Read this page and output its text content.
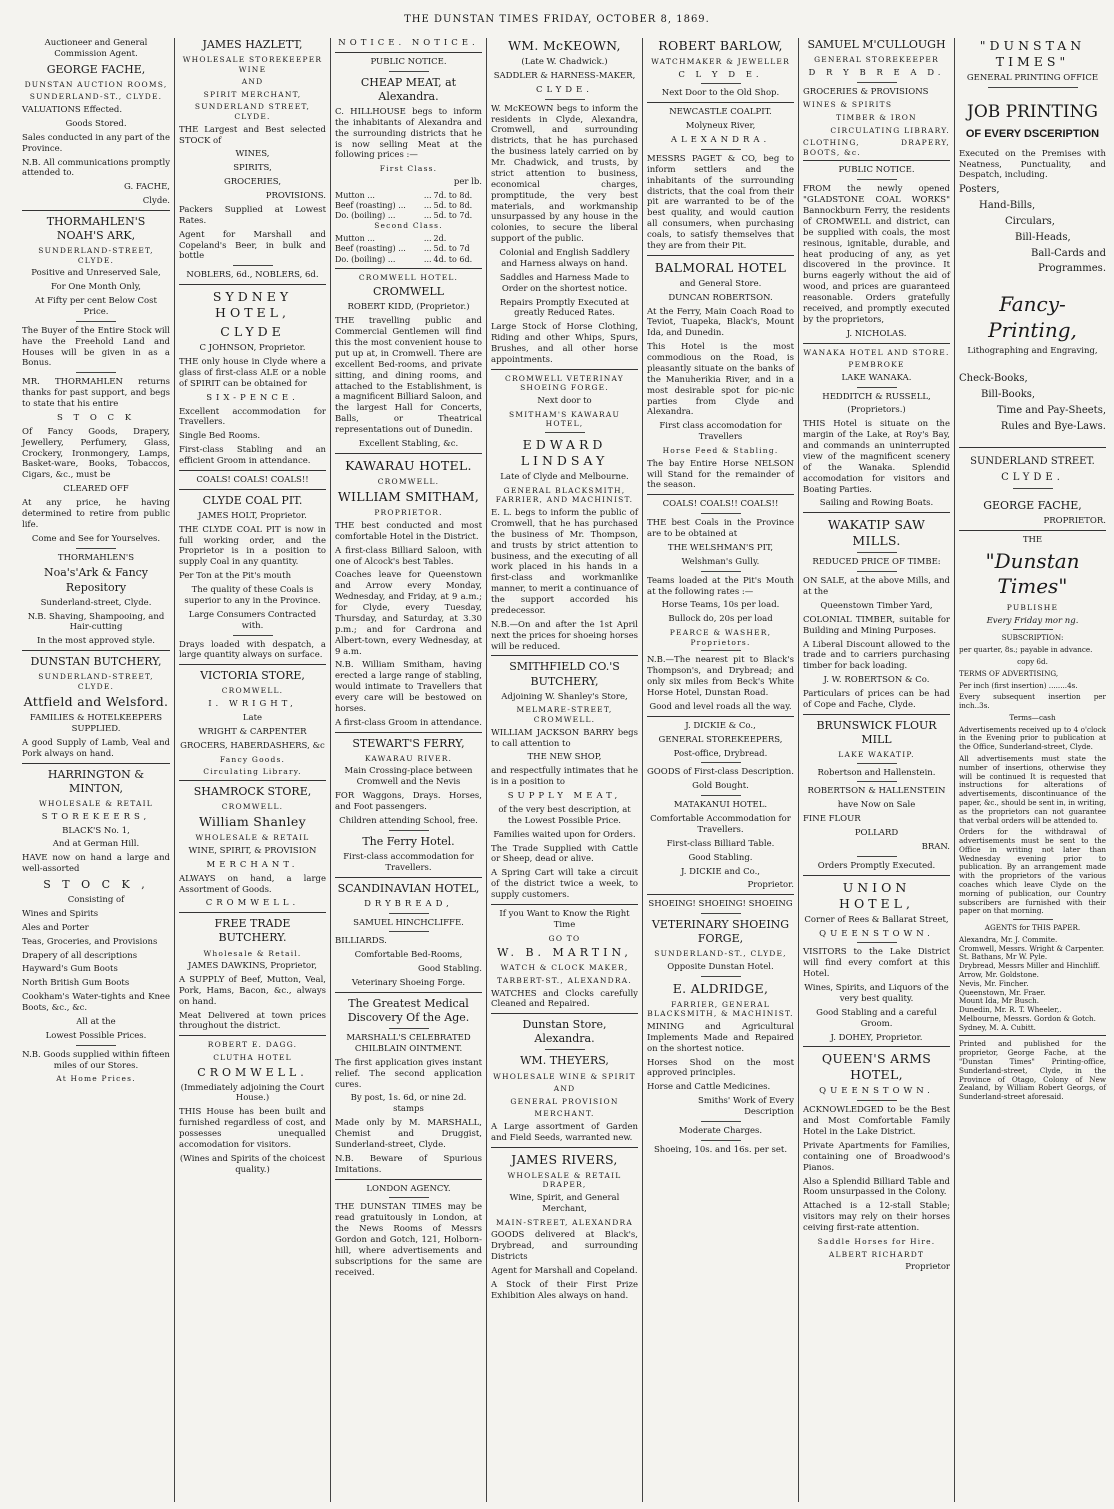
THE DUNSTAN TIMES FRIDAY, OCTOBER 8, 1869.

Auctioneer and General Commission Agent.

GEORGE FACHE,

DUNSTAN AUCTION ROOMS,

SUNDERLAND-ST., CLYDE.

VALUATIONS Effected.

Goods Stored.

Sales conducted in any part of the Province.

N.B. All communications promptly attended to.

G. FACHE,

Clyde.

THORMAHLEN'S NOAH'S ARK,

SUNDERLAND-STREET, CLYDE.

Positive and Unreserved Sale,

For One Month Only,

At Fifty per cent Below Cost Price.

The Buyer of the Entire Stock will have the Freehold Land and Houses will be given in as a Bonus.

MR. THORMAHLEN returns thanks for past support, and begs to state that his entire

S T O C K

Of Fancy Goods, Drapery, Jewellery, Perfumery, Glass, Crockery, Ironmongery, Lamps, Basket-ware, Books, Tobaccos, Cigars, &c., must be

CLEARED OFF

At any price, he having determined to retire from public life.

Come and See for Yourselves.

THORMAHLEN'S

Noa's'Ark & Fancy Repository

Sunderland-street, Clyde.

N.B. Shaving, Shampooing, and Hair-cutting

In the most approved style.

DUNSTAN BUTCHERY,

SUNDERLAND-STREET, CLYDE.

Attfield and Welsford.

FAMILIES & HOTELKEEPERS SUPPLIED.

A good Supply of Lamb, Veal and Pork always on hand.

HARRINGTON & MINTON,

WHOLESALE & RETAIL

STOREKEERS,

BLACK'S No. 1,

And at German Hill.

HAVE now on hand a large and well-assorted

S T O C K ,

Consisting of

Wines and Spirits

Ales and Porter

Teas, Groceries, and Provisions

Drapery of all descriptions

Hayward's Gum Boots

North British Gum Boots

Cookham's Water-tights and Knee Boots, &c., &c.

All at the

Lowest Possible Prices.

N.B. Goods supplied within fifteen miles of our Stores.

At Home Prices.

JAMES HAZLETT,

WHOLESALE STOREKEEPER WINE

AND

SPIRIT MERCHANT,

SUNDERLAND STREET, CLYDE.

THE Largest and Best selected STOCK of

WINES,

SPIRITS,

GROCERIES,

PROVISIONS.

Packers Supplied at Lowest Rates.

Agent for Marshall and Copeland's Beer, in bulk and bottle

NOBLERS, 6d., NOBLERS, 6d.

SYDNEY HOTEL,

CLYDE

C JOHNSON, Proprietor.

THE only house in Clyde where a glass of first-class ALE or a noble of SPIRIT can be obtained for

SIX-PENCE.

Excellent accommodation for Travellers.

Single Bed Rooms.

First-class Stabling and an efficient Groom in attendance.

COALS! COALS! COALS!!

CLYDE COAL PIT.

JAMES HOLT, Proprietor.

THE CLYDE COAL PIT is now in full working order, and the Proprietor is in a position to supply Coal in any quantity.

Per Ton at the Pit's mouth

The quality of these Coals is superior to any in the Province.

Large Consumers Contracted with.

Drays loaded with despatch, a large quantity always on surface.

VICTORIA STORE,

CROMWELL.

I. WRIGHT,

Late

WRIGHT & CARPENTER

GROCERS, HABERDASHERS, &c

Fancy Goods.

Circulating Library.

SHAMROCK STORE,

CROMWELL.

William Shanley

WHOLESALE & RETAIL

WINE, SPIRIT, & PROVISION

MERCHANT.

ALWAYS on hand, a large Assortment of Goods.

CROMWELL.

FREE TRADE BUTCHERY.

Wholesale & Retail.

JAMES DAWKINS, Proprietor,

A SUPPLY of Beef, Mutton, Veal, Pork, Hams, Bacon, &c., always on hand.

Meat Delivered at town prices throughout the district.

ROBERT E. DAGG.

CLUTHA HOTEL

CROMWELL.

(Immediately adjoining the Court House.)

THIS House has been built and furnished regardless of cost, and possesses unequalled accomodation for visitors.

(Wines and Spirits of the choicest quality.)

NOTICE. NOTICE.

PUBLIC NOTICE.

CHEAP MEAT, at Alexandra.

C. HILLHOUSE begs to inform the inhabitants of Alexandra and the surrounding districts that he is now selling Meat at the following prices :—

First Class.

per lb.

Mutton ...	...	7d. to 8d.
Beef (roasting) ...	...	5d. to 8d.
Do. (boiling) ...	...	5d. to 7d.

Second Class.

Mutton ...	...	2d.
Beef (roasting) ...	...	5d. to 7d
Do. (boiling) ...	...	4d. to 6d.

CROMWELL HOTEL.

CROMWELL

ROBERT KIDD, (Proprietor.)

THE travelling public and Commercial Gentlemen will find this the most convenient house to put up at, in Cromwell. There are excellent Bed-rooms, and private sitting, and dining rooms, and attached to the Establishment, is a magnificent Billiard Saloon, and the largest Hall for Concerts, Balls, or Theatrical representations out of Dunedin.

Excellent Stabling, &c.

KAWARAU HOTEL.

CROMWELL.

WILLIAM SMITHAM,

PROPRIETOR.

THE best conducted and most comfortable Hotel in the District.

A first-class Billiard Saloon, with one of Alcock's best Tables.

Coaches leave for Queenstown and Arrow every Monday, Wednesday, and Friday, at 9 a.m.; for Clyde, every Tuesday, Thursday, and Saturday, at 3.30 p.m.; and for Cardrona and Albert-town, every Wednesday, at 9 a.m.

N.B. William Smitham, having erected a large range of stabling, would intimate to Travellers that every care will be bestowed on horses.

A first-class Groom in attendance.

STEWART'S FERRY,

KAWARAU RIVER.

Main Crossing-place between Cromwell and the Nevis

FOR Waggons, Drays. Horses, and Foot passengers.

Children attending School, free.

The Ferry Hotel.

First-class accommodation for Travellers.

SCANDINAVIAN HOTEL,

DRYBREAD,

SAMUEL HINCHCLIFFE.

BILLIARDS.

Comfortable Bed-Rooms,

Good Stabling.

Veterinary Shoeing Forge.

The Greatest Medical Discovery Of the Age.

MARSHALL'S CELEBRATED CHILBLAIN OINTMENT.

The first application gives instant relief. The second application cures.

By post, 1s. 6d, or nine 2d. stamps

Made only by M. MARSHALL, Chemist and Druggist, Sunderland-street, Clyde.

N.B. Beware of Spurious Imitations.

LONDON AGENCY.

THE DUNSTAN TIMES may be read gratuitously in London, at the News Rooms of Messrs Gordon and Gotch, 121, Holborn-hill, where advertisements and subscriptions for the same are received.

WM. McKEOWN,

(Late W. Chadwick.)

SADDLER & HARNESS-MAKER,

CLYDE.

W. McKEOWN begs to inform the residents in Clyde, Alexandra, Cromwell, and surrounding districts, that he has purchased the business lately carried on by Mr. Chadwick, and trusts, by strict attention to business, economical charges, promptitude, the very best materials, and workmanship unsurpassed by any house in the colonies, to secure the liberal support of the public.

Colonial and English Saddlery and Harness always on hand.

Saddles and Harness Made to Order on the shortest notice.

Repairs Promptly Executed at greatly Reduced Rates.

Large Stock of Horse Clothing, Riding and other Whips, Spurs, Brushes, and all other horse appointments.

CROMWELL VETERINAY SHOEING FORGE.

Next door to

SMITHAM'S KAWARAU HOTEL,

EDWARD LINDSAY

Late of Clyde and Melbourne.

GENERAL BLACKSMITH, FARRIER, AND MACHINIST.

E. L. begs to inform the public of Cromwell, that he has purchased the business of Mr. Thompson, and trusts by strict attention to business, and the executing of all work placed in his hands in a first-class and workmanlike manner, to merit a continuance of the support accorded his predecessor.

N.B.—On and after the 1st April next the prices for shoeing horses will be reduced.

SMITHFIELD CO.'S BUTCHERY,

Adjoining W. Shanley's Store,

MELMARE-STREET, CROMWELL.

WILLIAM JACKSON BARRY begs to call attention to

THE NEW SHOP,

and respectfully intimates that he is in a position to

SUPPLY MEAT,

of the very best description, at the Lowest Possible Price.

Families waited upon for Orders.

The Trade Supplied with Cattle or Sheep, dead or alive.

A Spring Cart will take a circuit of the district twice a week, to supply customers.

If you Want to Know the Right Time

GO TO

W. B. MARTIN,

WATCH & CLOCK MAKER,

TARBERT-ST., ALEXANDRA.

WATCHES and Clocks carefully Cleaned and Repaired.

Dunstan Store, Alexandra.

WM. THEYERS,

WHOLESALE WINE & SPIRIT

AND

GENERAL PROVISION

MERCHANT.

A Large assortment of Garden and Field Seeds, warranted new.

JAMES RIVERS,

WHOLESALE & RETAIL DRAPER,

Wine, Spirit, and General Merchant,

MAIN-STREET, ALEXANDRA

GOODS delivered at Black's, Drybread, and surrounding Districts

Agent for Marshall and Copeland.

A Stock of their First Prize Exhibition Ales always on hand.

ROBERT BARLOW,

WATCHMAKER & JEWELLER

C L Y D E.

Next Door to the Old Shop.

NEWCASTLE COALPIT.

Molyneux River,

ALEXANDRA.

MESSRS PAGET & CO, beg to inform settlers and the inhabitants of the surrounding districts, that the coal from their pit are warranted to be of the best quality, and would caution all consumers, when purchasing coals, to satisfy themselves that they are from their Pit.

BALMORAL HOTEL

and General Store.

DUNCAN ROBERTSON.

At the Ferry, Main Coach Road to Teviot, Tuapeka, Black's, Mount Ida, and Dunedin.

This Hotel is the most commodious on the Road, is pleasantly situate on the banks of the Manuherikia River, and in a most desirable spot for pic-nic parties from Clyde and Alexandra.

First class accomodation for Travellers

Horse Feed & Stabling.

The bay Entire Horse NELSON will Stand for the remainder of the season.

COALS! COALS!! COALS!!

THE best Coals in the Province are to be obtained at

THE WELSHMAN'S PIT,

Welshman's Gully.

Teams loaded at the Pit's Mouth at the following rates :—

Horse Teams, 10s per load.

Bullock do, 20s per load

PEARCE & WASHER, Proprietors.

N.B.—The nearest pit to Black's Thompson's, and Drybread; and only six miles from Beck's White Horse Hotel, Dunstan Road.

Good and level roads all the way.

J. DICKIE & Co.,

GENERAL STOREKEEPERS,

Post-office, Drybread.

GOODS of First-class Description.

Gold Bought.

MATAKANUI HOTEL.

Comfortable Accommodation for Travellers.

First-class Billiard Table.

Good Stabling.

J. DICKIE and Co.,

Proprietor.

SHOEING! SHOEING! SHOEING

VETERINARY SHOEING FORGE,

SUNDERLAND-ST., CLYDE,

Opposite Dunstan Hotel.

E. ALDRIDGE,

FARRIER, GENERAL BLACKSMITH, & MACHINIST.

MINING and Agricultural Implements Made and Repaired on the shortest notice.

Horses Shod on the most approved principles.

Horse and Cattle Medicines.

Smiths' Work of Every Description

Moderate Charges.

Shoeing, 10s. and 16s. per set.

SAMUEL M'CULLOUGH

GENERAL STOREKEEPER

D R Y B R E A D.

GROCERIES & PROVISIONS

WINES & SPIRITS

TIMBER & IRON

CIRCULATING LIBRARY.

CLOTHING, DRAPERY, BOOTS, &c.

PUBLIC NOTICE.

FROM the newly opened "GLADSTONE COAL WORKS" Bannockburn Ferry, the residents of CROMWELL and district, can be supplied with coals, the most resinous, ignitable, durable, and heat producing of any, as yet discovered in the province. It burns eagerly without the aid of wood, and prices are guaranteed reasonable. Orders gratefully received, and promptly executed by the proprietors,

J. NICHOLAS.

WANAKA HOTEL AND STORE.

PEMBROKE

LAKE WANAKA.

HEDDITCH & RUSSELL,

(Proprietors.)

THIS Hotel is situate on the margin of the Lake, at Roy's Bay, and commands an uninterrupted view of the magnificent scenery of the Wanaka. Splendid accomodation for visitors and Boating Parties.

Sailing and Rowing Boats.

WAKATIP SAW MILLS.

REDUCED PRICE OF TIMBE:

ON SALE, at the above Mills, and at the

Queenstown Timber Yard,

COLONIAL TIMBER, suitable for Building and Mining Purposes.

A Liberal Discount allowed to the trade and to carriers purchasing timber for back loading.

J. W. ROBERTSON & Co.

Particulars of prices can be had of Cope and Fache, Clyde.

BRUNSWICK FLOUR MILL

LAKE WAKATIP.

Robertson and Hallenstein.

ROBERTSON & HALLENSTEIN

have Now on Sale

FINE FLOUR

POLLARD

BRAN.

Orders Promptly Executed.

UNION HOTEL,

Corner of Rees & Ballarat Street,

QUEENSTOWN.

VISITORS to the Lake District will find every comfort at this Hotel.

Wines, Spirits, and Liquors of the very best quality.

Good Stabling and a careful Groom.

J. DOHEY, Proprietor.

QUEEN'S ARMS HOTEL,

QUEENSTOWN.

ACKNOWLEDGED to be the Best and Most Comfortable Family Hotel in the Lake District.

Private Apartments for Families, containing one of Broadwood's Pianos.

Also a Splendid Billiard Table and Room unsurpassed in the Colony.

Attached is a 12-stall Stable; visitors may rely on their horses ceiving first-rate attention.

Saddle Horses for Hire.

ALBERT RICHARDT

Proprietor

"DUNSTAN TIMES"

GENERAL PRINTING OFFICE

JOB PRINTING

OF EVERY DSCERIPTION

Executed on the Premises with Neatness, Punctuality, and Despatch, including.

Posters,

Hand-Bills,

Circulars,

Bill-Heads,

Ball-Cards and

Programmes.

Fancy-Printing,

Lithographing and Engraving,

Check-Books,

Bill-Books,

Time and Pay-Sheets,

Rules and Bye-Laws.

SUNDERLAND STREET.

CLYDE.

GEORGE FACHE,

PROPRIETOR.

THE

"Dunstan Times"

PUBLISHE

Every Friday mor ng.

SUBSCRIPTION:

per quarter, 8s.; payable in advance.

copy 6d.

TERMS OF ADVERTISING,

Per inch (first insertion) ........4s.

Every subsequent insertion per inch..3s.

Terms—cash

Advertisements received up to 4 o'clock in the Evening prior to publication at the Office, Sunderland-street, Clyde.

All advertisements must state the number of insertions, otherwise they will be continued It is requested that instructions for alterations of advertisements, discontinuance of the paper, &c., should be sent in, in writing, as the proprietors can not guarantee that verbal orders will be attended to.

Orders for the withdrawal of advertisements must be sent to the Office in writing not later than Wednesday evening prior to publication. By an arrangement made with the proprietors of the various coaches which leave Clyde on the morning of publication, our Country subscribers are furnished with their paper on that morning.

AGENTS for THIS PAPER.

Alexandra, Mr. J. Commite.

Cromwell, Messrs. Wright & Carpenter.

St. Bathans, Mr W. Pyle.

Drybread, Messrs Miller and Hinchliff.

Arrow, Mr. Goldstone.

Nevis, Mr. Fincher.

Queenstown, Mr. Fraer.

Mount Ida, Mr Busch.

Dunedin, Mr. R. T. Wheeler,.

Melbourne, Messrs. Gordon & Gotch.

Sydney, M. A. Cubitt.

Printed and published for the proprietor, George Fache, at the "Dunstan Times" Printing-office, Sunderland-street, Clyde, in the Province of Otago, Colony of New Zealand, by William Robert Georgs, of Sunderland-street aforesaid.
